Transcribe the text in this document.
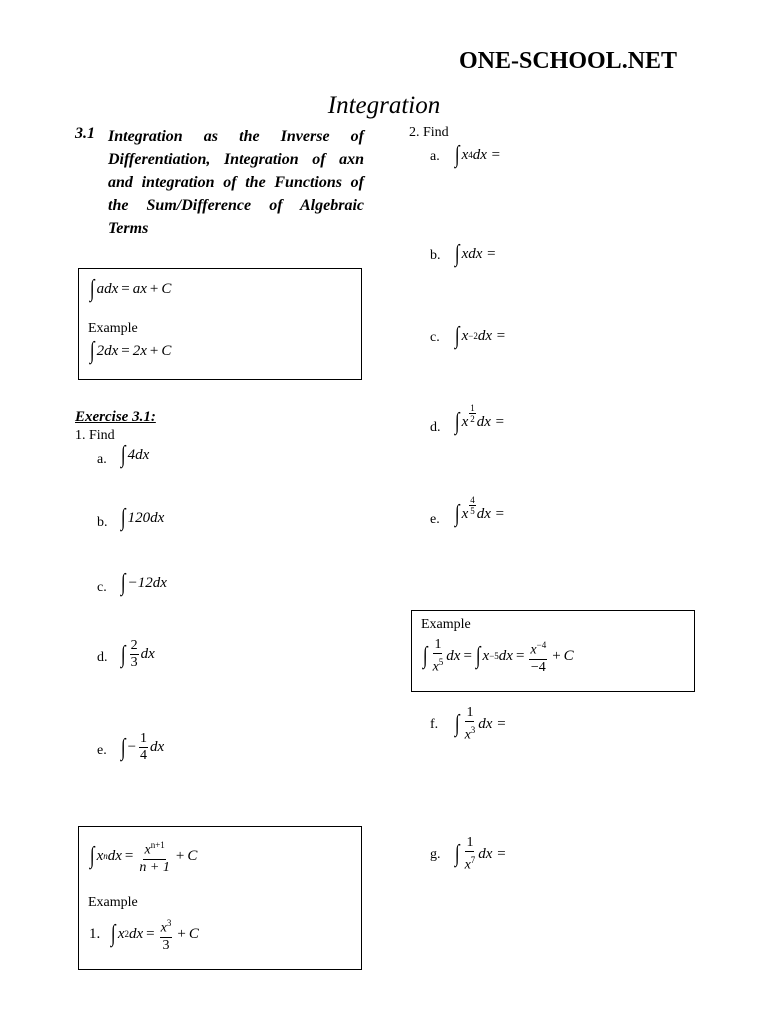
ONE-SCHOOL.NET
Integration
3.1 Integration as the Inverse of Differentiation, Integration of axn and integration of the Functions of the Sum/Difference of Algebraic Terms
∫ adx = ax + C
Example
∫ 2dx = 2x + C
Exercise 3.1:
1. Find
a. ∫ 4dx
b. ∫ 120dx
c. ∫ −12dx
d. ∫ $\frac{2}{3}$ dx
e. ∫ − $\frac{1}{4}$ dx
∫ x n dx = $\frac{x^{n+1}}{n + 1} + C$
Example
1. ∫ x 2 dx = $\frac{x^3}{3} + C$
2. Find
a. ∫ x 4 dx =
b. ∫ xdx =
c. ∫ x −2 dx =
d. ∫ x $\frac{1}{2}$ dx =
e. ∫ x $\frac{4}{5}$ dx =
Example
∫ $\frac{1}{x^5}$ dx = ∫ x −5 dx = $\frac{x^{-4}}{-4} + C$
f. ∫ $\frac{1}{x^3}$ dx =
g. ∫ $\frac{1}{x^7}$ dx =
